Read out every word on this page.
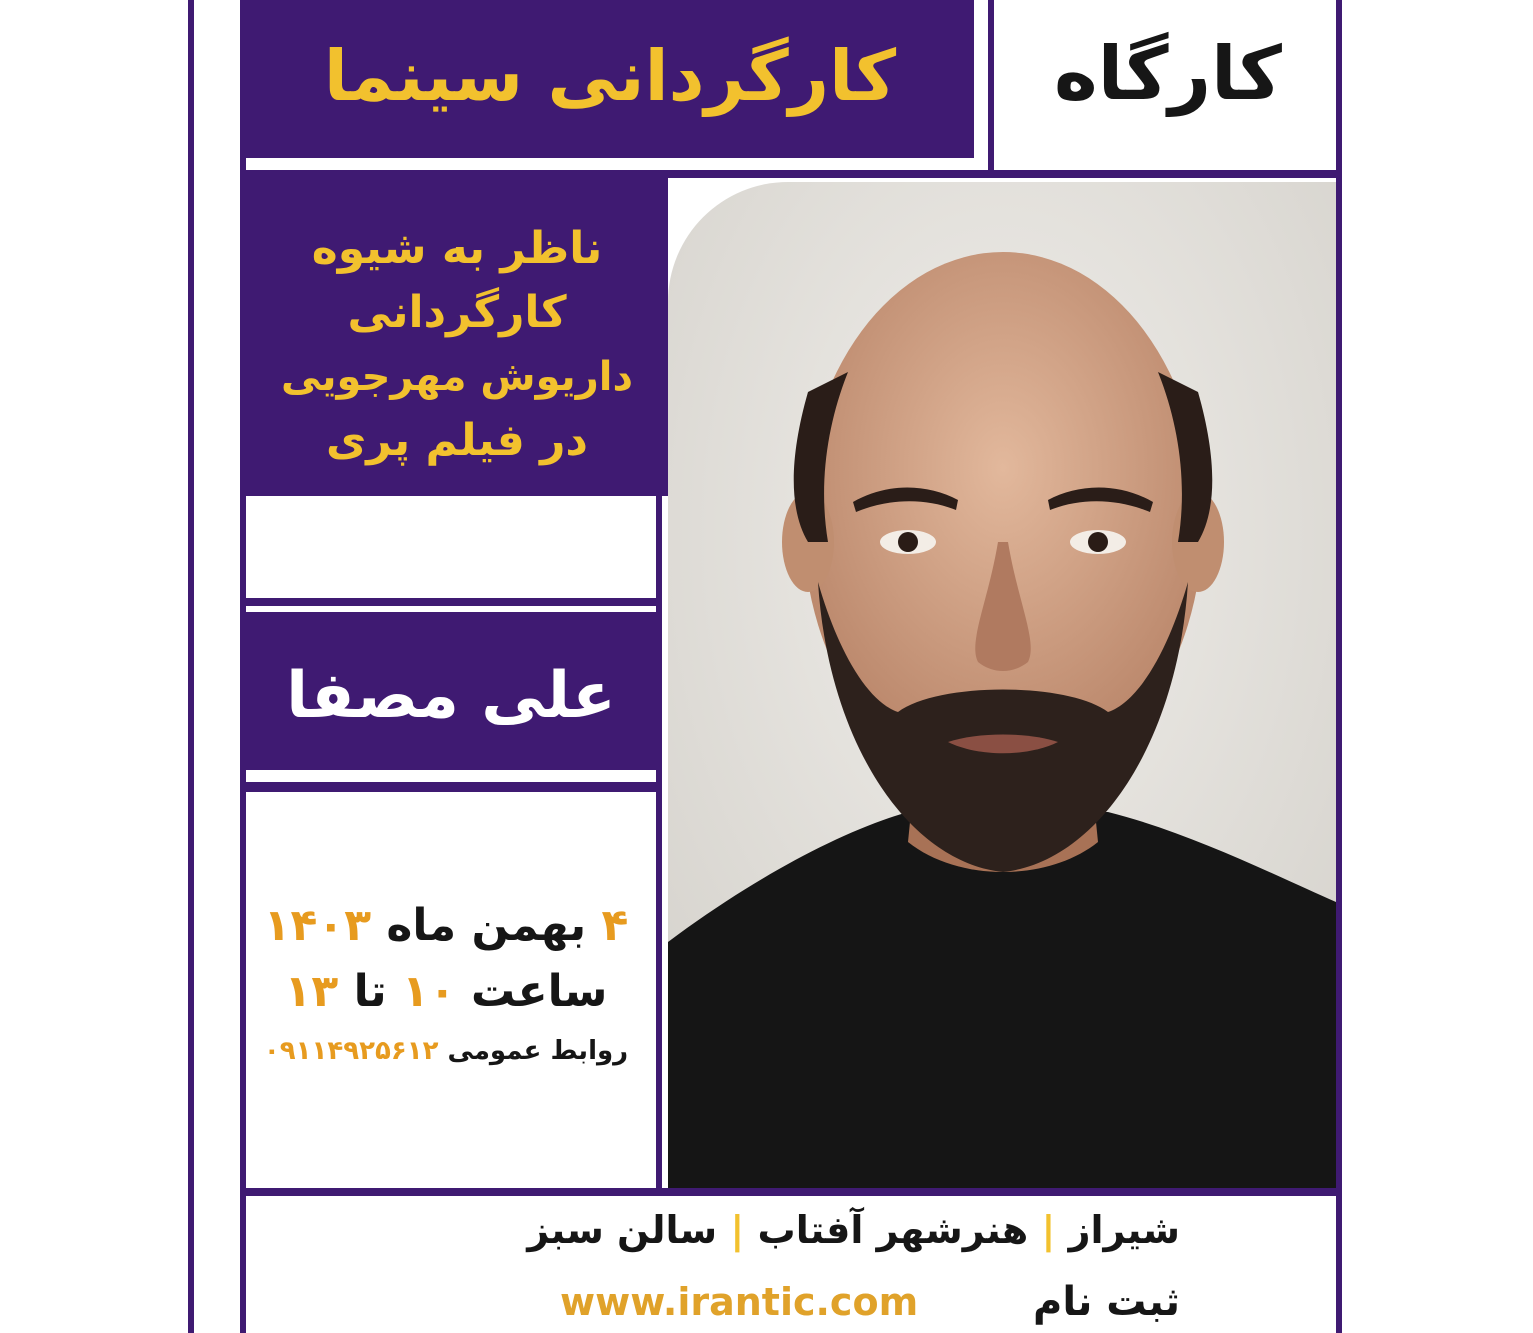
کارگردانی سینما کارگاه
ناظر به شیوه
کارگردانی
داریوش مهرجویی
در فیلم پری
علی مصفا
۴ بهمن ماه ۱۴۰۳
ساعت ۱۰ تا ۱۳
روابط عمومی ۰۹۱۱۴۹۲۵۶۱۲
شیراز | هنرشهر آفتاب | سالن سبز
www.irantic.com	ثبت نام
